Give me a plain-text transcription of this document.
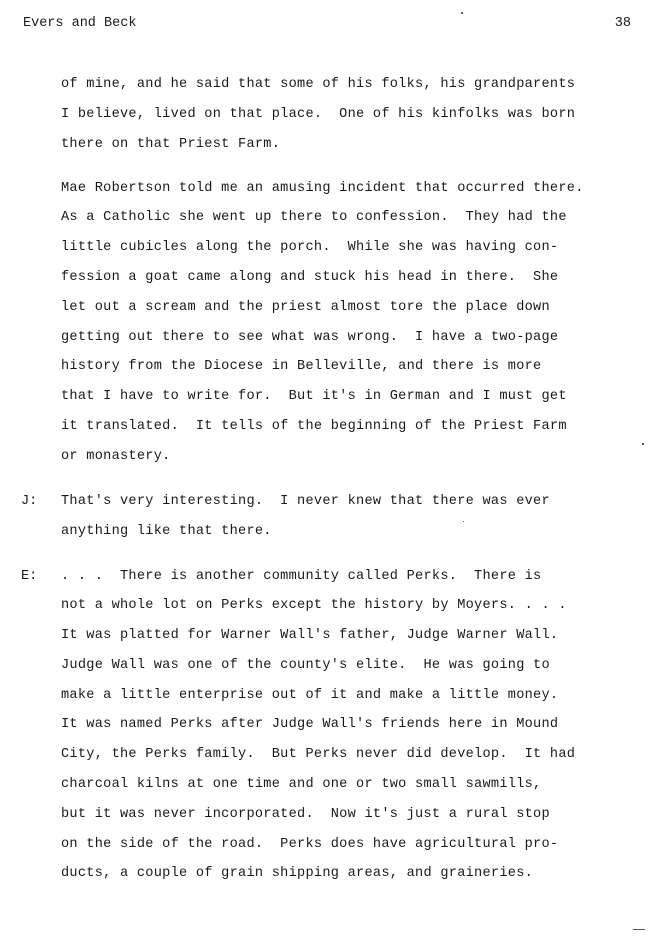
Evers and Beck	38
of mine, and he said that some of his folks, his grandparents
I believe, lived on that place.  One of his kinfolks was born
there on that Priest Farm.
Mae Robertson told me an amusing incident that occurred there.
As a Catholic she went up there to confession.  They had the
little cubicles along the porch.  While she was having con-
fession a goat came along and stuck his head in there.  She
let out a scream and the priest almost tore the place down
getting out there to see what was wrong.  I have a two-page
history from the Diocese in Belleville, and there is more
that I have to write for.  But it's in German and I must get
it translated.  It tells of the beginning of the Priest Farm
or monastery.
J: That's very interesting.  I never knew that there was ever
anything like that there.
E: . . .  There is another community called Perks.  There is
not a whole lot on Perks except the history by Moyers. . . .
It was platted for Warner Wall's father, Judge Warner Wall.
Judge Wall was one of the county's elite.  He was going to
make a little enterprise out of it and make a little money.
It was named Perks after Judge Wall's friends here in Mound
City, the Perks family.  But Perks never did develop.  It had
charcoal kilns at one time and one or two small sawmills,
but it was never incorporated.  Now it's just a rural stop
on the side of the road.  Perks does have agricultural pro-
ducts, a couple of grain shipping areas, and graineries.
